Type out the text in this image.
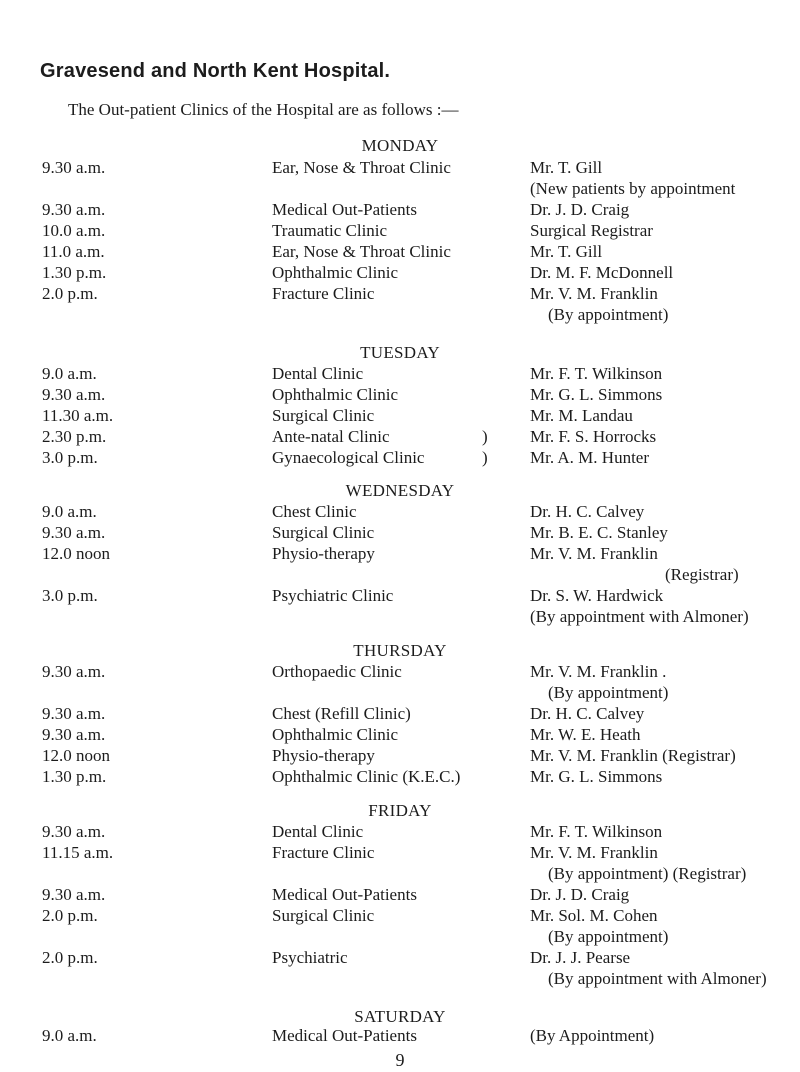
Gravesend and North Kent Hospital.
The Out-patient Clinics of the Hospital are as follows :—
MONDAY
9.30 a.m.	Ear, Nose & Throat Clinic	Mr. T. Gill
(New patients by appointment
9.30 a.m.	Medical Out-Patients	Dr. J. D. Craig
10.0 a.m.	Traumatic Clinic	Surgical Registrar
11.0 a.m.	Ear, Nose & Throat Clinic	Mr. T. Gill
1.30 p.m.	Ophthalmic Clinic	Dr. M. F. McDonnell
2.0 p.m.	Fracture Clinic	Mr. V. M. Franklin
(By appointment)
TUESDAY
9.0 a.m.	Dental Clinic	Mr. F. T. Wilkinson
9.30 a.m.	Ophthalmic Clinic	Mr. G. L. Simmons
11.30 a.m.	Surgical Clinic	Mr. M. Landau
2.30 p.m.	Ante-natal Clinic	) Mr. F. S. Horrocks
3.0 p.m.	Gynaecological Clinic	) Mr. A. M. Hunter
WEDNESDAY
9.0 a.m.	Chest Clinic	Dr. H. C. Calvey
9.30 a.m.	Surgical Clinic	Mr. B. E. C. Stanley
12.0 noon	Physio-therapy	Mr. V. M. Franklin
(Registrar)
3.0 p.m.	Psychiatric Clinic	Dr. S. W. Hardwick
(By appointment with Almoner)
THURSDAY
9.30 a.m.	Orthopaedic Clinic	Mr. V. M. Franklin .
(By appointment)
9.30 a.m.	Chest (Refill Clinic)	Dr. H. C. Calvey
9.30 a.m.	Ophthalmic Clinic	Mr. W. E. Heath
12.0 noon	Physio-therapy	Mr. V. M. Franklin (Registrar)
1.30 p.m.	Ophthalmic Clinic (K.E.C.)	Mr. G. L. Simmons
FRIDAY
9.30 a.m.	Dental Clinic	Mr. F. T. Wilkinson
11.15 a.m.	Fracture Clinic	Mr. V. M. Franklin
(By appointment) (Registrar)
9.30 a.m.	Medical Out-Patients	Dr. J. D. Craig
2.0 p.m.	Surgical Clinic	Mr. Sol. M. Cohen
(By appointment)
2.0 p.m.	Psychiatric	Dr. J. J. Pearse
(By appointment with Almoner)
SATURDAY
9.0 a.m.	Medical Out-Patients	(By Appointment)
9
